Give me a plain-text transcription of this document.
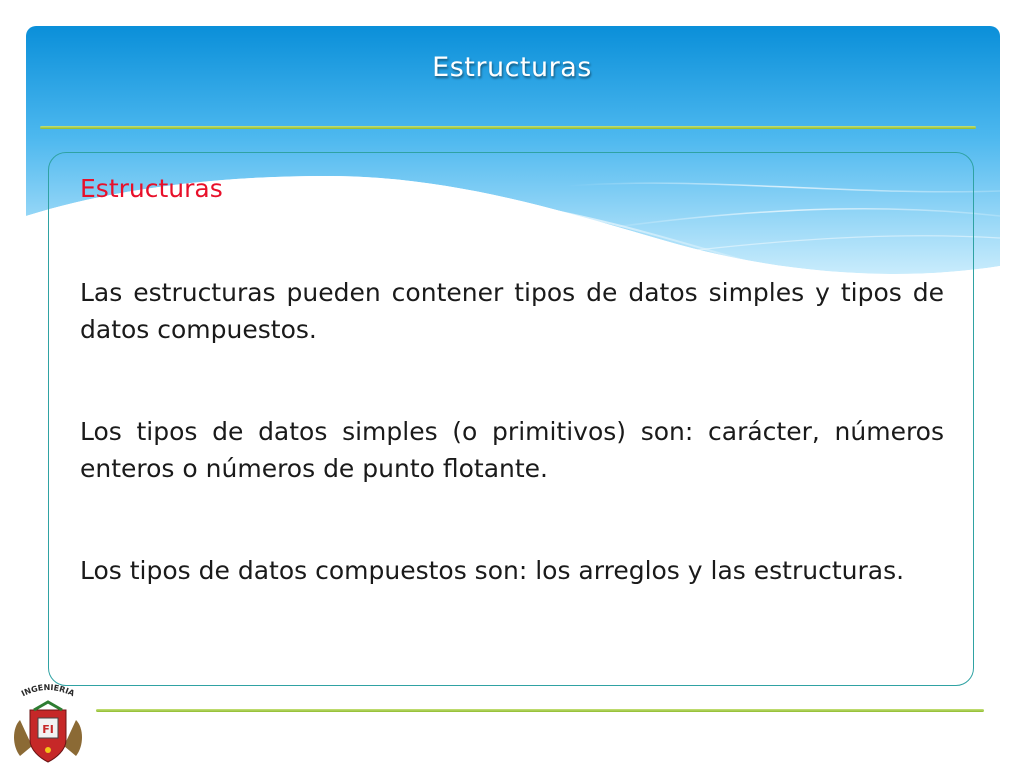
Estructuras
Estructuras

Las estructuras pueden contener tipos de datos simples y tipos de datos compuestos.

Los tipos de datos simples (o primitivos) son: carácter, números enteros o números de punto flotante.

Los tipos de datos compuestos son: los arreglos y las estructuras.

INGENIERIA
FI
